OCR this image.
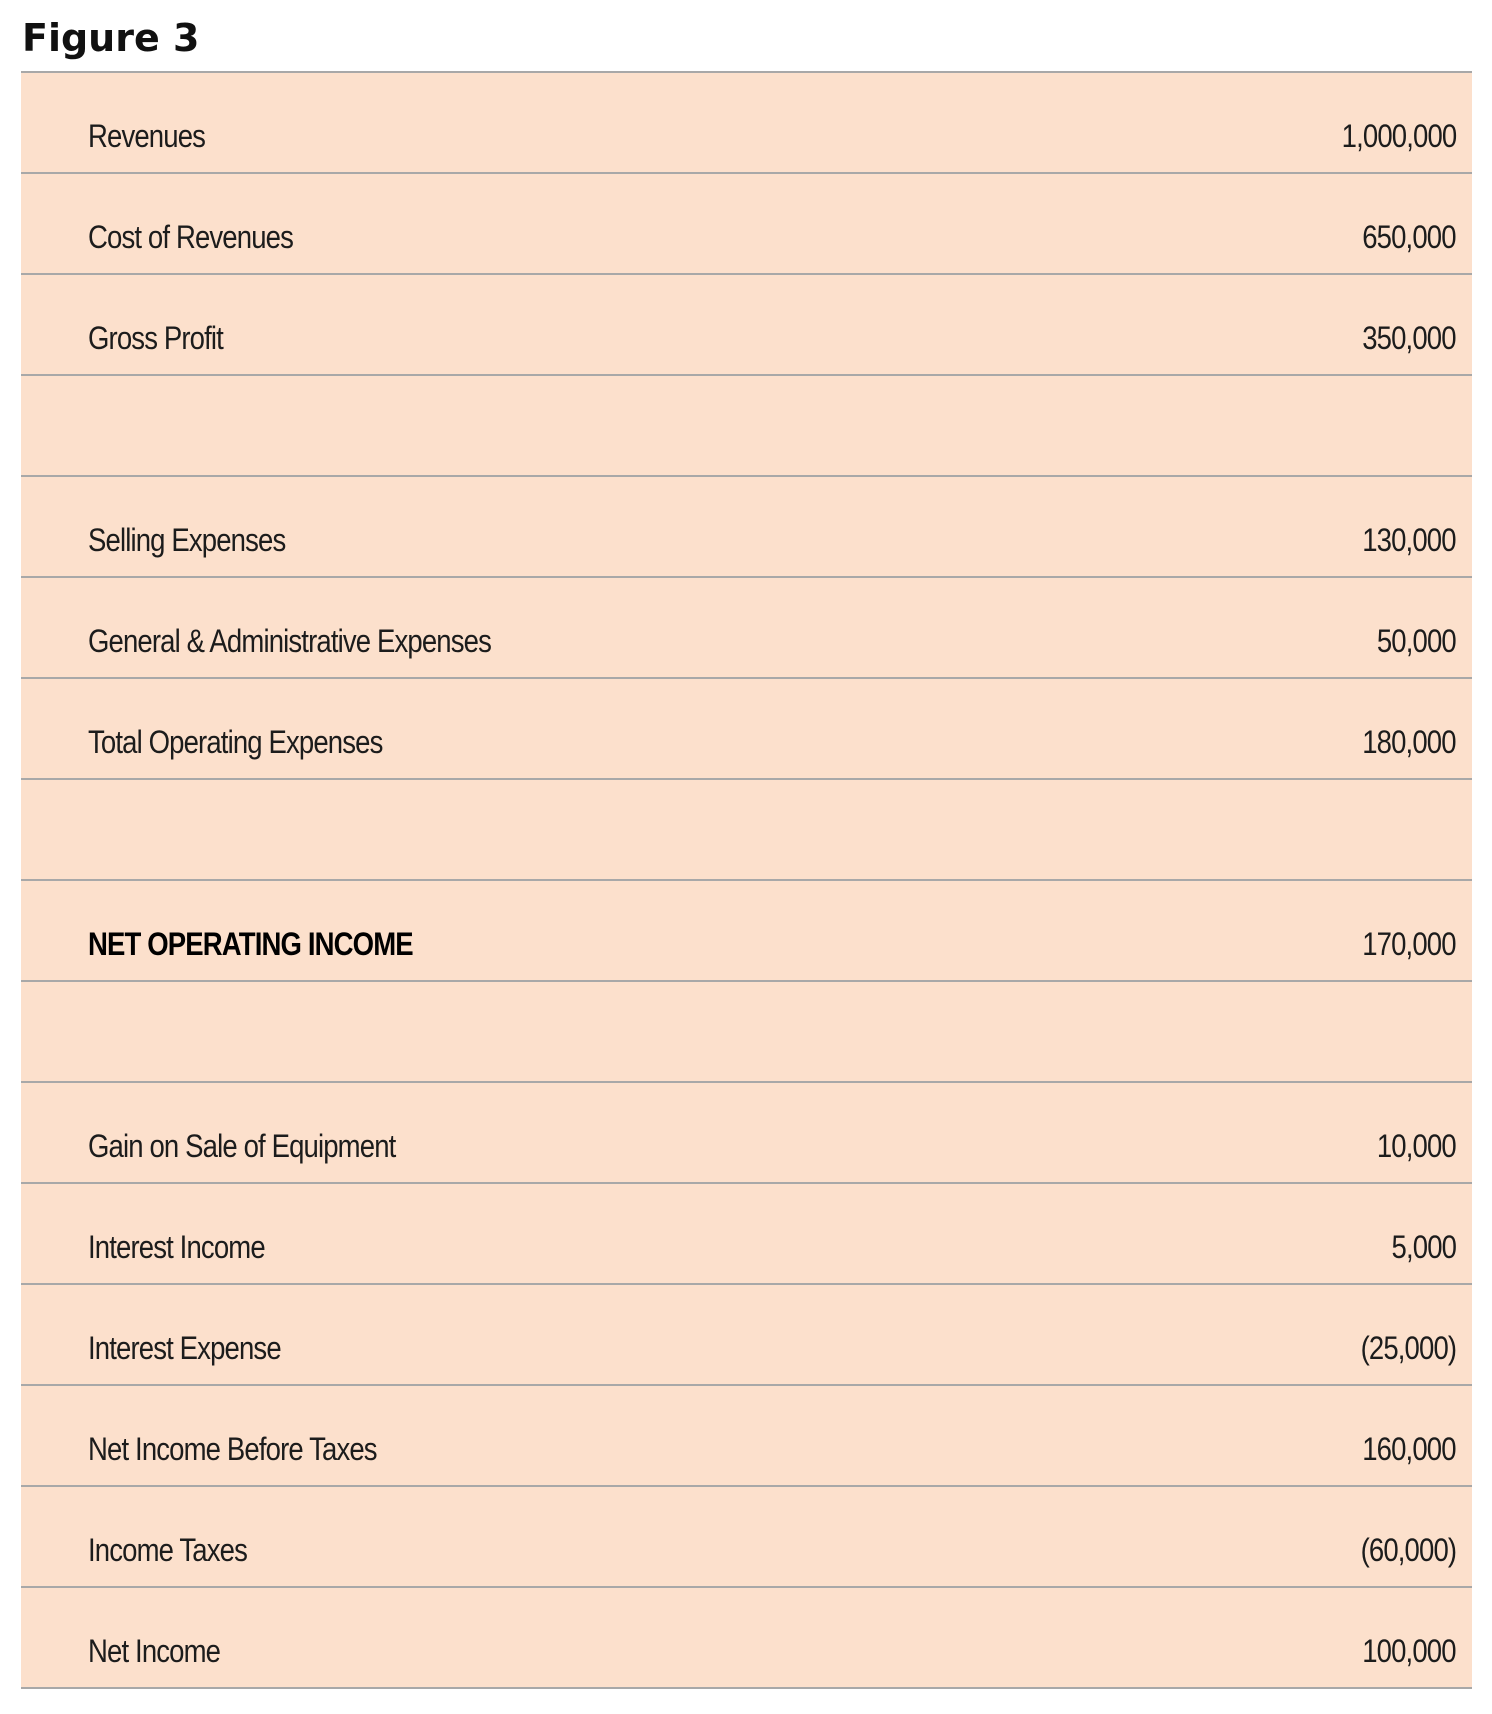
Figure 3
Revenues	1,000,000
Cost of Revenues	650,000
Gross Profit	350,000
Selling Expenses	130,000
General & Administrative Expenses	50,000
Total Operating Expenses	180,000
NET OPERATING INCOME	170,000
Gain on Sale of Equipment	10,000
Interest Income	5,000
Interest Expense	(25,000)
Net Income Before Taxes	160,000
Income Taxes	(60,000)
Net Income	100,000
